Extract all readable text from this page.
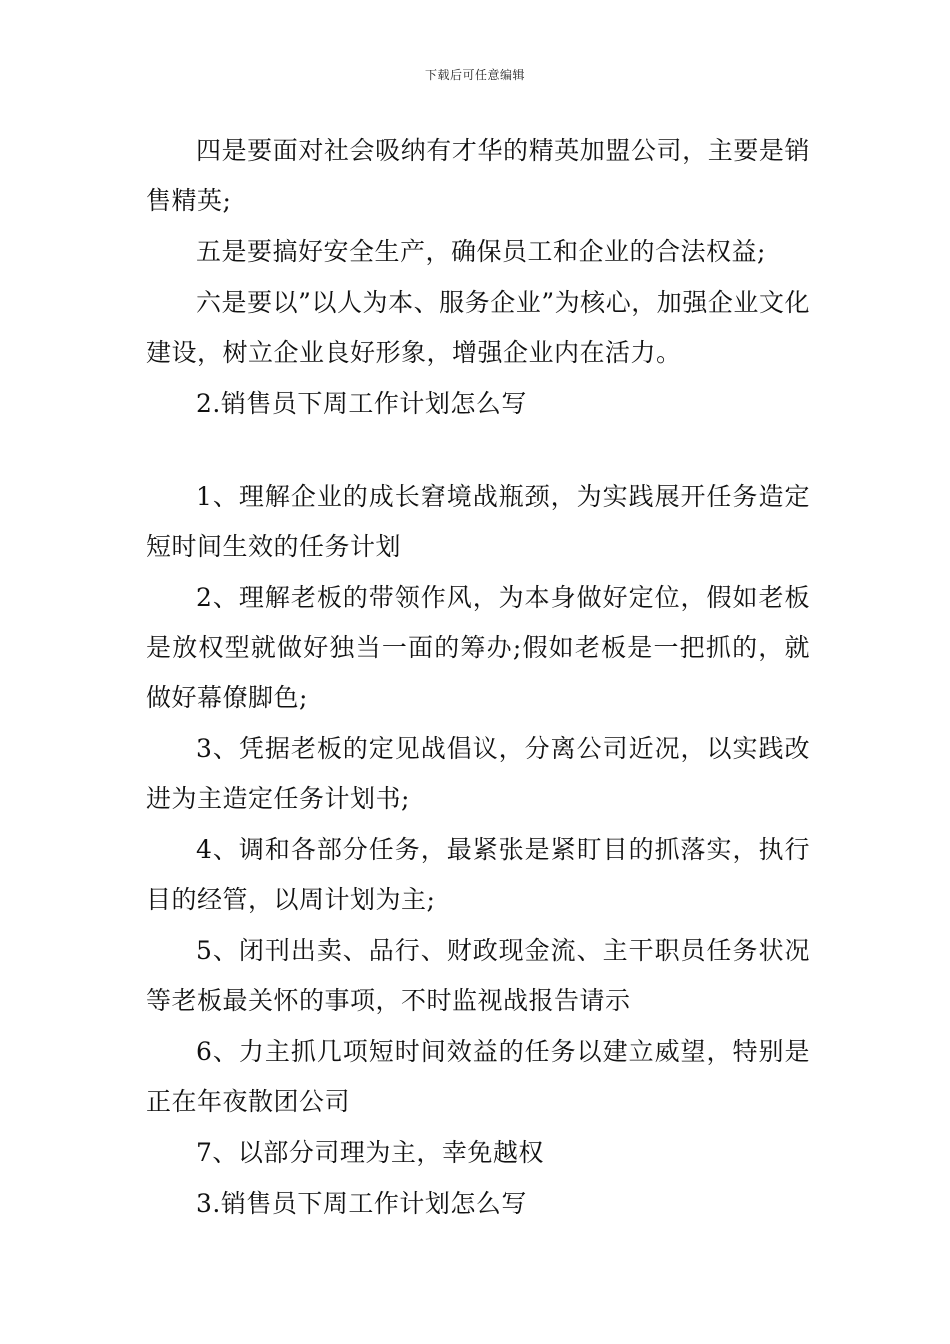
下载后可任意编辑

四是要面对社会吸纳有才华的精英加盟公司，主要是销售精英;

五是要搞好安全生产，确保员工和企业的合法权益;

六是要以”以人为本、服务企业”为核心，加强企业文化建设，树立企业良好形象，增强企业内在活力。

2.销售员下周工作计划怎么写

1、理解企业的成长窘境战瓶颈，为实践展开任务造定短时间生效的任务计划

2、理解老板的带领作风，为本身做好定位，假如老板是放权型就做好独当一面的筹办;假如老板是一把抓的，就做好幕僚脚色;

3、凭据老板的定见战倡议，分离公司近况，以实践改进为主造定任务计划书;

4、调和各部分任务，最紧张是紧盯目的抓落实，执行目的经管，以周计划为主;

5、闭刊出卖、品行、财政现金流、主干职员任务状况等老板最关怀的事项，不时监视战报告请示

6、力主抓几项短时间效益的任务以建立威望，特别是正在年夜散团公司

7、以部分司理为主，幸免越权

3.销售员下周工作计划怎么写
